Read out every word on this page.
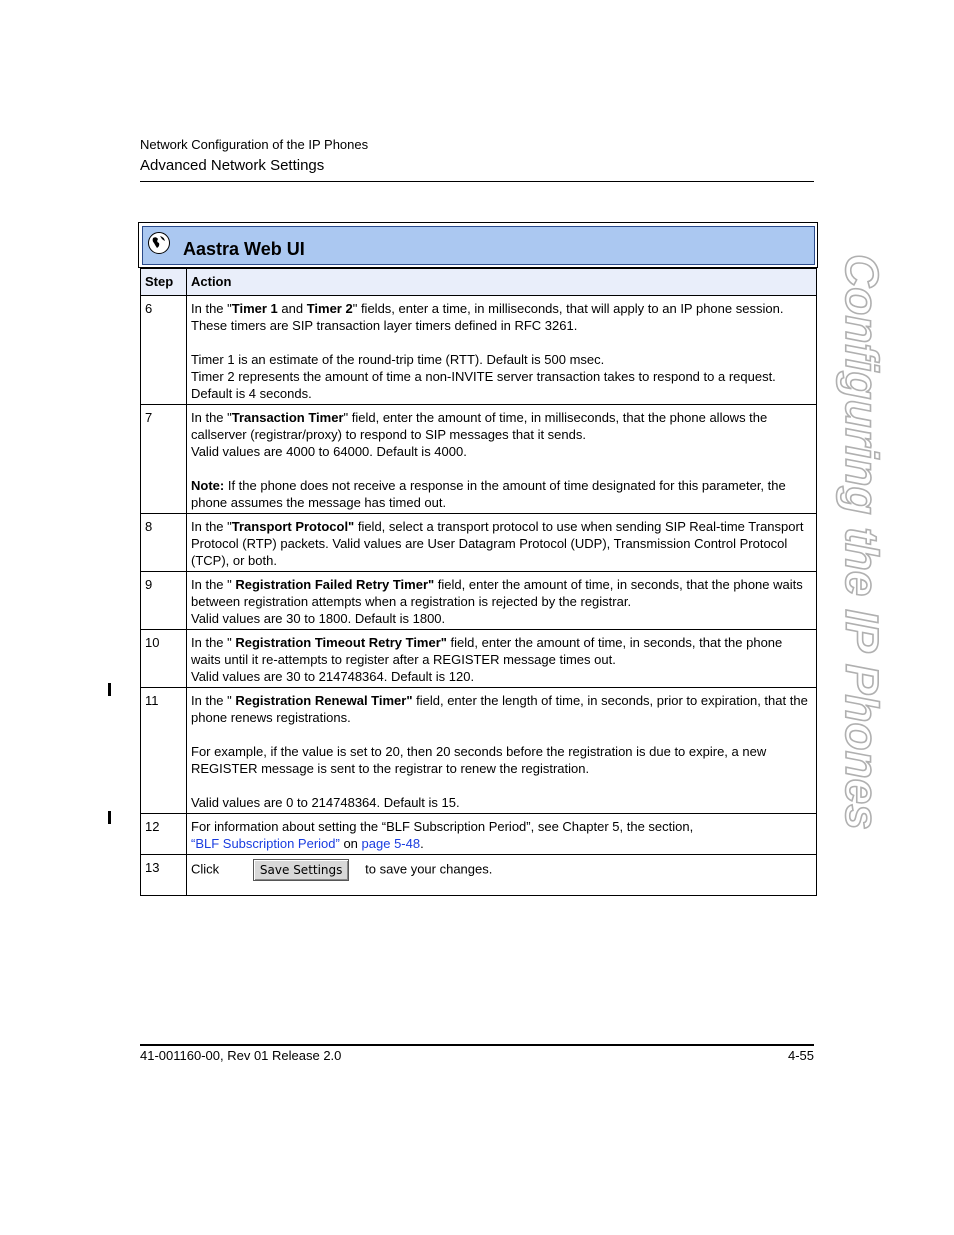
Network Configuration of the IP Phones
Advanced Network Settings
Configuring the IP Phones
Aastra Web UI
Step	Action
6	In the "Timer 1 and Timer 2" fields, enter a time, in milliseconds, that will apply to an IP phone session. These timers are SIP transaction layer timers defined in RFC 3261.

Timer 1 is an estimate of the round-trip time (RTT). Default is 500 msec.

Timer 2 represents the amount of time a non-INVITE server transaction takes to respond to a request. Default is 4 seconds.

7	In the "Transaction Timer" field, enter the amount of time, in milliseconds, that the phone allows the callserver (registrar/proxy) to respond to SIP messages that it sends.

Valid values are 4000 to 64000. Default is 4000.

Note: If the phone does not receive a response in the amount of time designated for this parameter, the phone assumes the message has timed out.

8	In the "Transport Protocol" field, select a transport protocol to use when sending SIP Real-time Transport Protocol (RTP) packets. Valid values are User Datagram Protocol (UDP), Transmission Control Protocol (TCP), or both.

9	In the " Registration Failed Retry Timer" field, enter the amount of time, in seconds, that the phone waits between registration attempts when a registration is rejected by the registrar.

Valid values are 30 to 1800. Default is 1800.

10	In the " Registration Timeout Retry Timer" field, enter the amount of time, in seconds, that the phone waits until it re-attempts to register after a REGISTER message times out.

Valid values are 30 to 214748364. Default is 120.

11	In the " Registration Renewal Timer" field, enter the length of time, in seconds, prior to expiration, that the phone renews registrations.

For example, if the value is set to 20, then 20 seconds before the registration is due to expire, a new REGISTER message is sent to the registrar to renew the registration.

Valid values are 0 to 214748364. Default is 15.

12	For information about setting the “BLF Subscription Period”, see Chapter 5, the section,

“BLF Subscription Period” on page 5-48.

13	Click Save Settings to save your changes.
41-001160-00, Rev 01 Release 2.0	4-55
